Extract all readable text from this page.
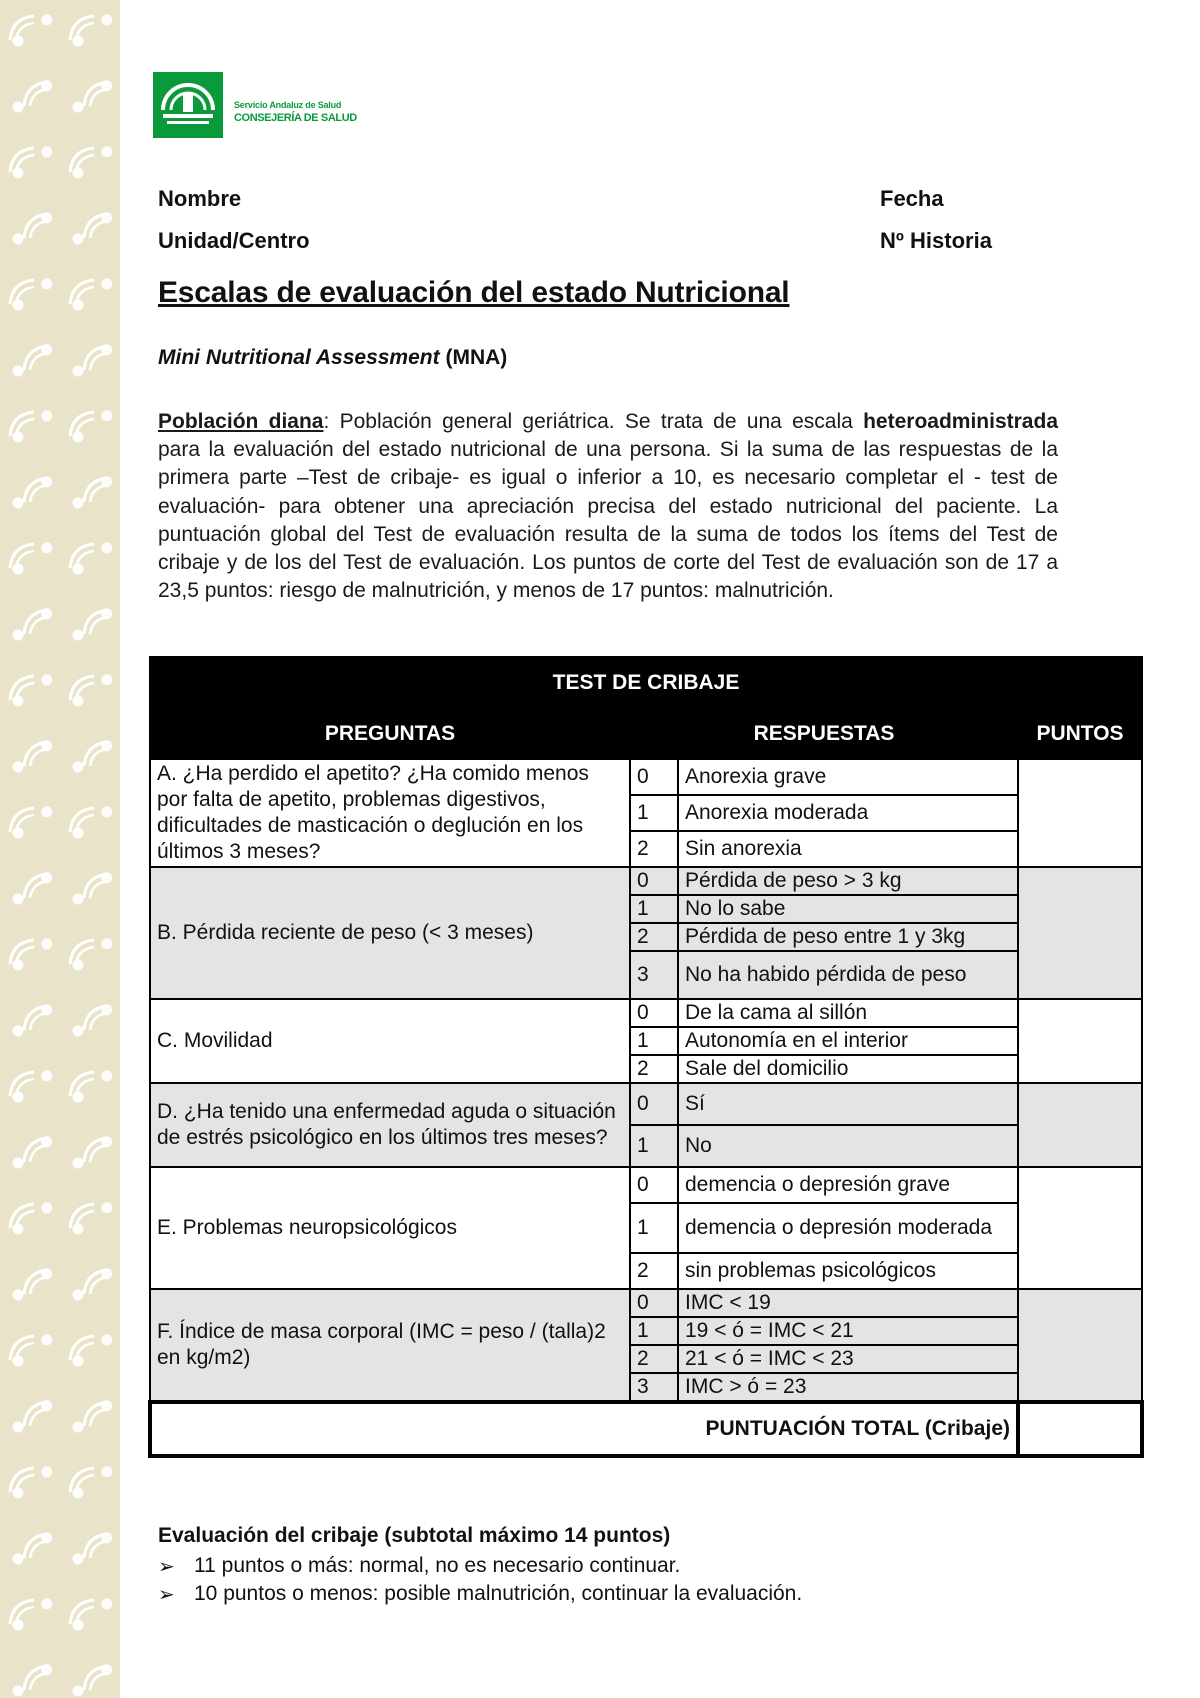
Servicio Andaluz de Salud
CONSEJERÍA DE SALUD
Nombre	Fecha
Unidad/Centro	Nº Historia
Escalas de evaluación del estado Nutricional
Mini Nutritional Assessment (MNA)
Población diana: Población general geriátrica. Se trata de una escala heteroadministrada para la evaluación del estado nutricional de una persona. Si la suma de las respuestas de la primera parte –Test de cribaje- es igual o inferior a 10, es necesario completar el - test de evaluación- para obtener una apreciación precisa del estado nutricional del paciente. La puntuación global del Test de evaluación resulta de la suma de todos los ítems del Test de cribaje y de los del Test de evaluación. Los puntos de corte del Test de evaluación son de 17 a 23,5 puntos: riesgo de malnutrición, y menos de 17 puntos: malnutrición.
TEST DE CRIBAJE			
PREGUNTAS	RESPUESTAS		PUNTOS
A. ¿Ha perdido el apetito? ¿Ha comido menos por falta de apetito, problemas digestivos, dificultades de masticación o deglución en los últimos 3 meses?	0	Anorexia grave	
	1	Anorexia moderada	
	2	Sin anorexia	
B. Pérdida reciente de peso (< 3 meses)	0	Pérdida de peso > 3 kg	
	1	No lo sabe	
	2	Pérdida de peso entre 1 y 3kg	
	3	No ha habido pérdida de peso	
C. Movilidad	0	De la cama al sillón	
	1	Autonomía en el interior	
	2	Sale del domicilio	
D. ¿Ha tenido una enfermedad aguda o situación de estrés psicológico en los últimos tres meses?	0	Sí	
	1	No	
E. Problemas neuropsicológicos	0	demencia o depresión grave	
	1	demencia o depresión moderada	
	2	sin problemas psicológicos	
F. Índice de masa corporal (IMC = peso / (talla)2 en kg/m2)	0	IMC < 19	
	1	19 < ó = IMC < 21	
	2	21 < ó = IMC < 23	
	3	IMC > ó = 23	
PUNTUACIÓN TOTAL (Cribaje)			
Evaluación del cribaje (subtotal máximo 14 puntos)
➢ 11 puntos o más: normal, no es necesario continuar.
➢ 10 puntos o menos: posible malnutrición, continuar la evaluación.
